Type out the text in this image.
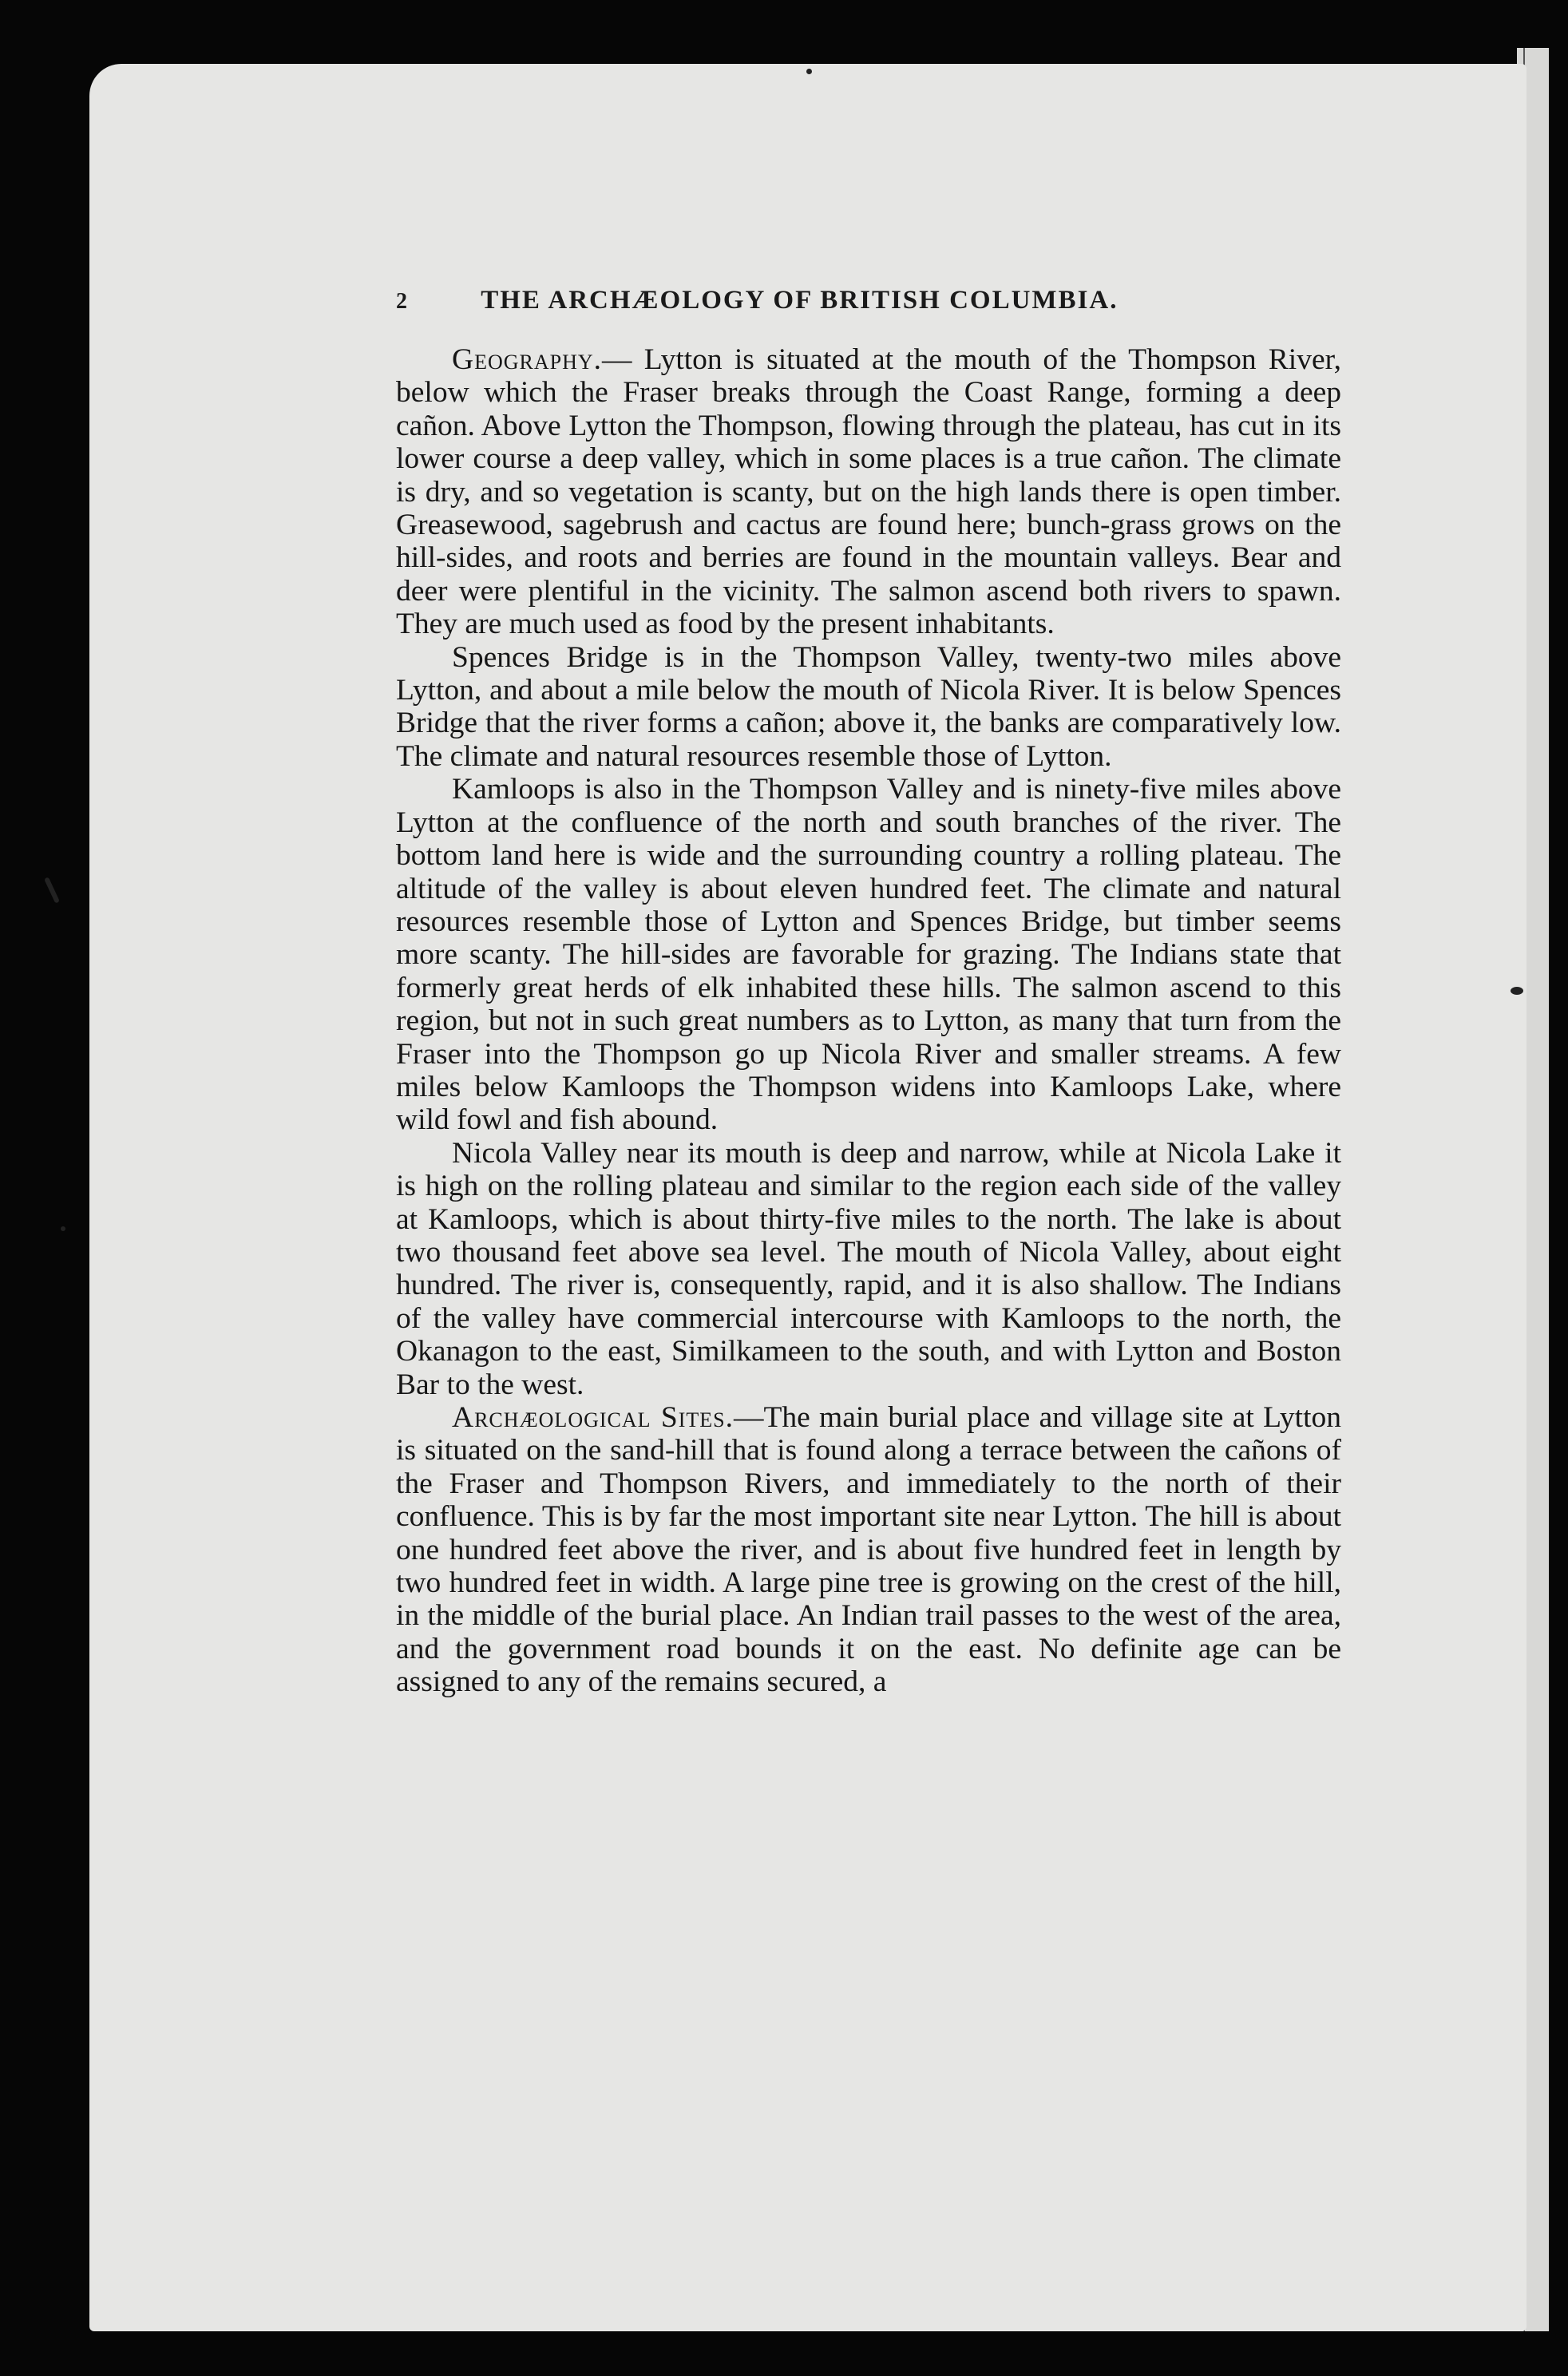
2	THE ARCHÆOLOGY OF BRITISH COLUMBIA.

Geography.— Lytton is situated at the mouth of the Thompson River, below which the Fraser breaks through the Coast Range, forming a deep cañon. Above Lytton the Thompson, flowing through the plateau, has cut in its lower course a deep valley, which in some places is a true cañon. The climate is dry, and so vegetation is scanty, but on the high lands there is open timber. Greasewood, sagebrush and cactus are found here; bunch-grass grows on the hill-sides, and roots and berries are found in the mountain valleys. Bear and deer were plentiful in the vicinity. The salmon ascend both rivers to spawn. They are much used as food by the present inhabitants.

Spences Bridge is in the Thompson Valley, twenty-two miles above Lytton, and about a mile below the mouth of Nicola River. It is below Spences Bridge that the river forms a cañon; above it, the banks are comparatively low. The climate and natural resources resemble those of Lytton.

Kamloops is also in the Thompson Valley and is ninety-five miles above Lytton at the confluence of the north and south branches of the river. The bottom land here is wide and the surrounding country a rolling plateau. The altitude of the valley is about eleven hundred feet. The climate and natural resources resemble those of Lytton and Spences Bridge, but timber seems more scanty. The hill-sides are favorable for grazing. The Indians state that formerly great herds of elk inhabited these hills. The salmon ascend to this region, but not in such great numbers as to Lytton, as many that turn from the Fraser into the Thompson go up Nicola River and smaller streams. A few miles below Kamloops the Thompson widens into Kamloops Lake, where wild fowl and fish abound.

Nicola Valley near its mouth is deep and narrow, while at Nicola Lake it is high on the rolling plateau and similar to the region each side of the valley at Kamloops, which is about thirty-five miles to the north. The lake is about two thousand feet above sea level. The mouth of Nicola Valley, about eight hundred. The river is, consequently, rapid, and it is also shallow. The Indians of the valley have commercial intercourse with Kamloops to the north, the Okanagon to the east, Similkameen to the south, and with Lytton and Boston Bar to the west.

Archæological Sites.—The main burial place and village site at Lytton is situated on the sand-hill that is found along a terrace between the cañons of the Fraser and Thompson Rivers, and immediately to the north of their confluence. This is by far the most important site near Lytton. The hill is about one hundred feet above the river, and is about five hundred feet in length by two hundred feet in width. A large pine tree is growing on the crest of the hill, in the middle of the burial place. An Indian trail passes to the west of the area, and the government road bounds it on the east. No definite age can be assigned to any of the remains secured, a
